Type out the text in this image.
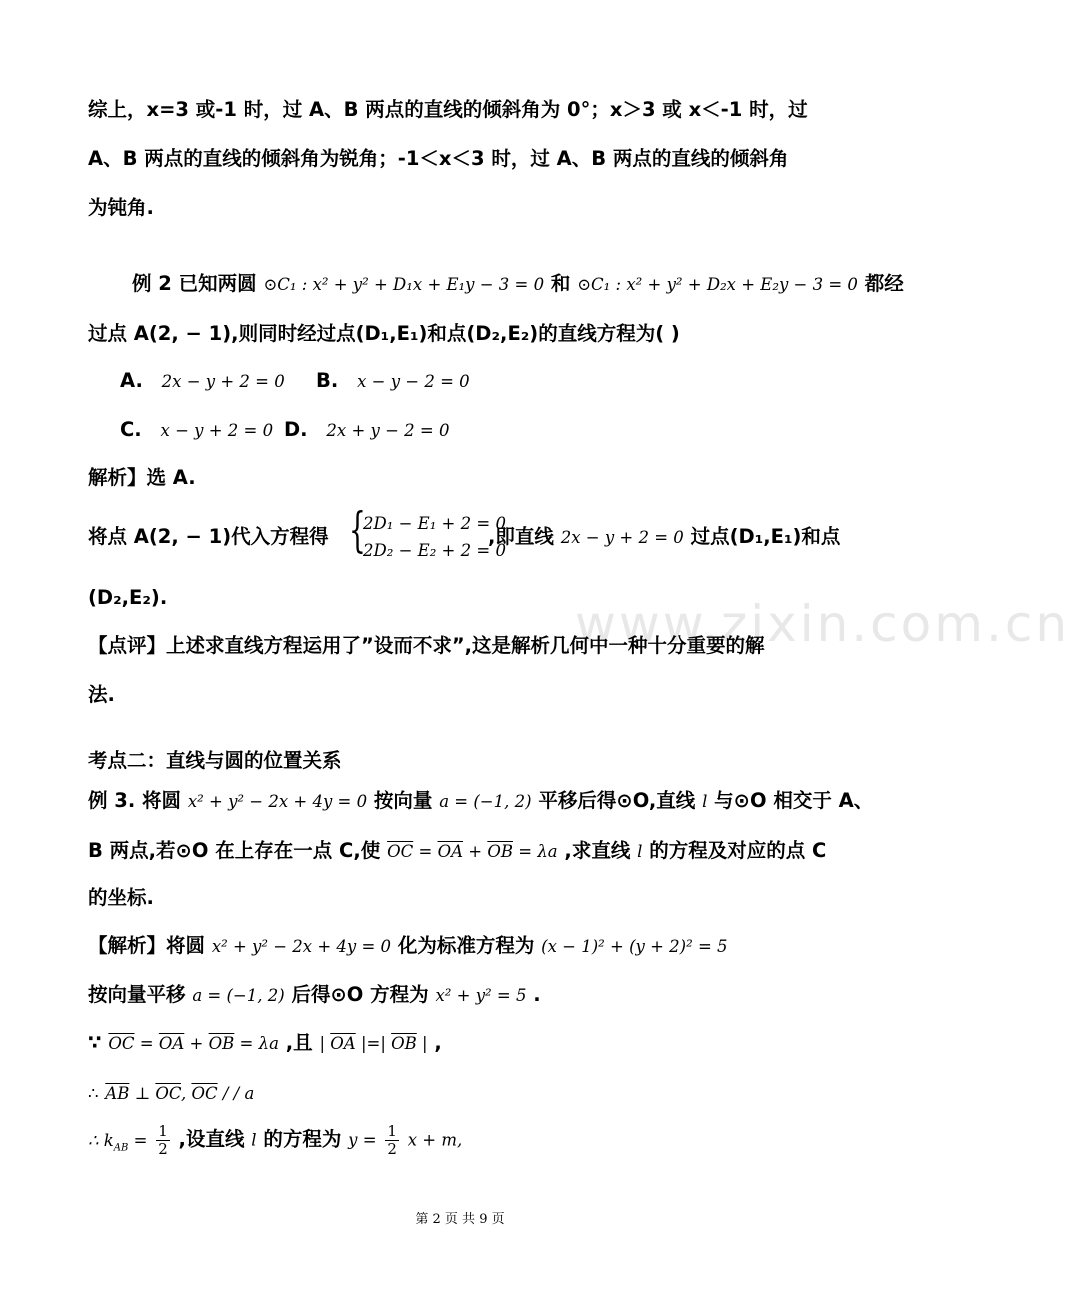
www.zixin.com.cn
综上，x=3 或-1 时，过 A、B 两点的直线的倾斜角为 0°；x＞3 或 x＜-1 时，过
A、B 两点的直线的倾斜角为锐角；-1＜x＜3 时，过 A、B 两点的直线的倾斜角
为钝角.
例 2 已知两圆 ⊙C₁ : x² + y² + D₁x + E₁y − 3 = 0 和 ⊙C₁ : x² + y² + D₂x + E₂y − 3 = 0 都经
过点 A(2, − 1),则同时经过点(D₁,E₁)和点(D₂,E₂)的直线方程为( )
A. 2x − y + 2 = 0 B. x − y − 2 = 0
C. x − y + 2 = 0 D. 2x + y − 2 = 0
解析】选 A.
将点 A(2, − 1)代入方程得 {
2D₁ − E₁ + 2 = 0
2D₂ − E₂ + 2 = 0
,即直线 2x − y + 2 = 0 过点(D₁,E₁)和点
(D₂,E₂).
【点评】上述求直线方程运用了”设而不求”,这是解析几何中一种十分重要的解
法.
考点二：直线与圆的位置关系
例 3. 将圆 x² + y² − 2x + 4y = 0 按向量 a = (−1, 2) 平移后得⊙O,直线 l 与⊙O 相交于 A、
B 两点,若⊙O 在上存在一点 C,使 $\overline{OC} = \overline{OA} + \overline{OB} = \lambda a$ ,求直线 l 的方程及对应的点 C
的坐标.
【解析】将圆 x² + y² − 2x + 4y = 0 化为标准方程为 (x − 1)² + (y + 2)² = 5
按向量平移 a = (−1, 2) 后得⊙O 方程为 x² + y² = 5 .
∵ $\overline{OC} = \overline{OA} + \overline{OB} = \lambda a$ ,且 | $\overline{OA}$ |=| $\overline{OB}$ | ,
∴ $\overline{AB}$ ⊥ $\overline{OC}$, $\overline{OC}$ / / a
∴ $k_{AB} = \frac{1}{2}$ ,设直线 l 的方程为 $y = \frac{1}{2}$ x + m,
第 2 页 共 9 页
